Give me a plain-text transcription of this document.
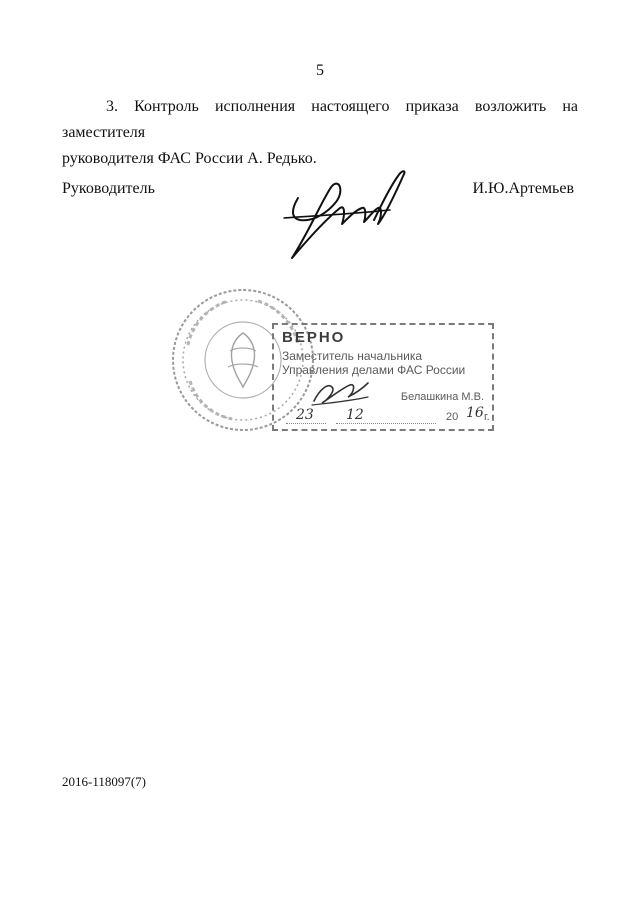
5
3. Контроль исполнения настоящего приказа возложить на заместителя
руководителя ФАС России А. Редько.
Руководитель	И.Ю.Артемьев
ВЕРНО
Заместитель начальника
Управления делами ФАС России
Белашкина М.В.
23 12	20 16 г.
2016-118097(7)
